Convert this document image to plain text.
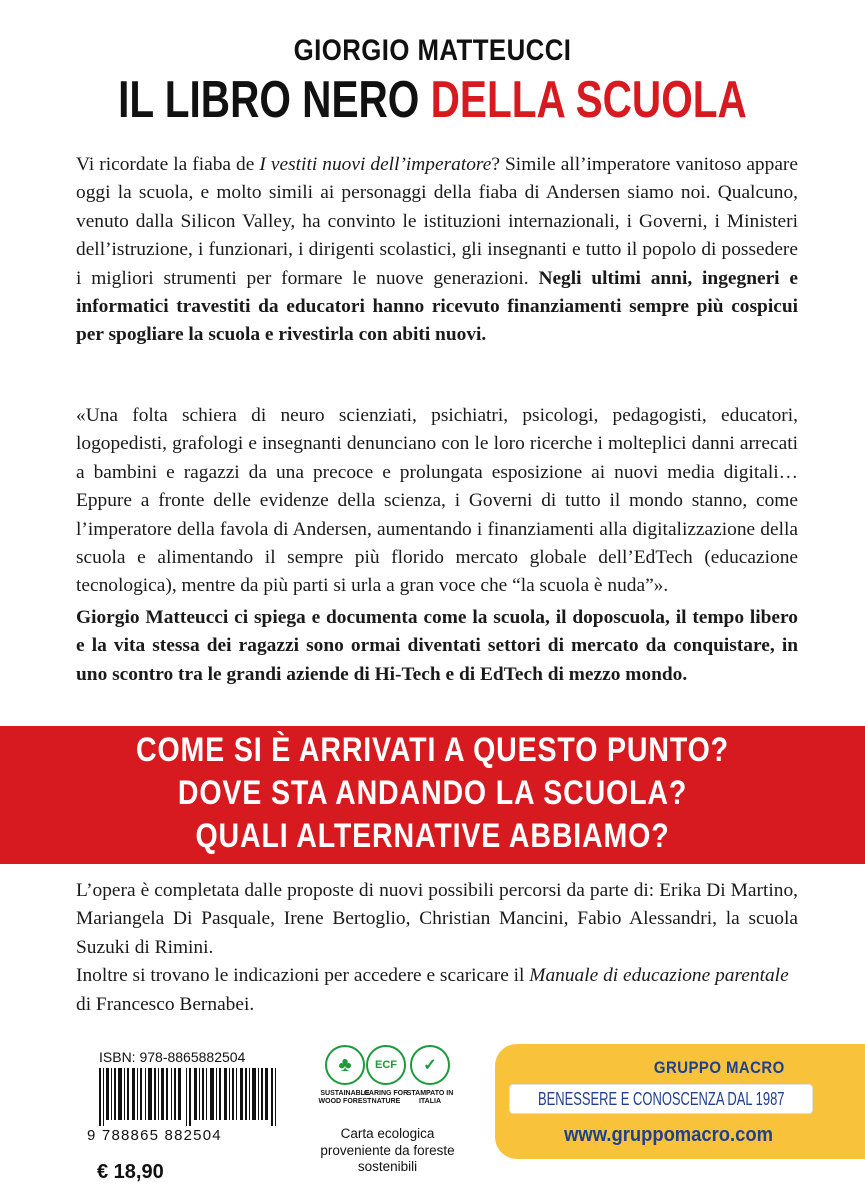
GIORGIO MATTEUCCI
IL LIBRO NERO DELLA SCUOLA

Vi ricordate la fiaba de I vestiti nuovi dell’imperatore? Simile all’imperatore vanitoso appare oggi la scuola, e molto simili ai personaggi della fiaba di Andersen siamo noi. Qualcuno, venuto dalla Silicon Valley, ha convinto le istituzioni internazionali, i Governi, i Ministeri dell’istruzione, i funzionari, i dirigenti scolastici, gli insegnanti e tutto il popolo di possedere i migliori strumenti per formare le nuove generazioni. Negli ultimi anni, ingegneri e informatici travestiti da educatori hanno ricevuto finanziamenti sempre più cospicui per spogliare la scuola e rivestirla con abiti nuovi.

«Una folta schiera di neuro scienziati, psichiatri, psicologi, pedagogisti, educatori, logopedisti, grafologi e insegnanti denunciano con le loro ricerche i molteplici danni arrecati a bambini e ragazzi da una precoce e prolungata esposizione ai nuovi media digitali… Eppure a fronte delle evidenze della scienza, i Governi di tutto il mondo stanno, come l’imperatore della favola di Andersen, aumentando i finanziamenti alla digitalizzazione della scuola e alimentando il sempre più florido mercato globale dell’EdTech (educazione tecnologica), mentre da più parti si urla a gran voce che “la scuola è nuda”».

Giorgio Matteucci ci spiega e documenta come la scuola, il doposcuola, il tempo libero e la vita stessa dei ragazzi sono ormai diventati settori di mercato da conquistare, in uno scontro tra le grandi aziende di Hi-Tech e di EdTech di mezzo mondo.

COME SI È ARRIVATI A QUESTO PUNTO?
DOVE STA ANDANDO LA SCUOLA?
QUALI ALTERNATIVE ABBIAMO?

L’opera è completata dalle proposte di nuovi possibili percorsi da parte di: Erika Di Martino, Mariangela Di Pasquale, Irene Bertoglio, Christian Mancini, Fabio Alessandri, la scuola Suzuki di Rimini.

Inoltre si trovano le indicazioni per accedere e scaricare il Manuale di educazione parentale di Francesco Bernabei.

ISBN: 978-8865882504
9 788865 882504
€ 18,90
♣
SUSTAINABLE WOOD FOREST
ECF
CARING FOR NATURE
✓
STAMPATO IN ITALIA
Carta ecologica proveniente da foreste sostenibili
GRUPPO MACRO
BENESSERE E CONOSCENZA DAL 1987
www.gruppomacro.com
